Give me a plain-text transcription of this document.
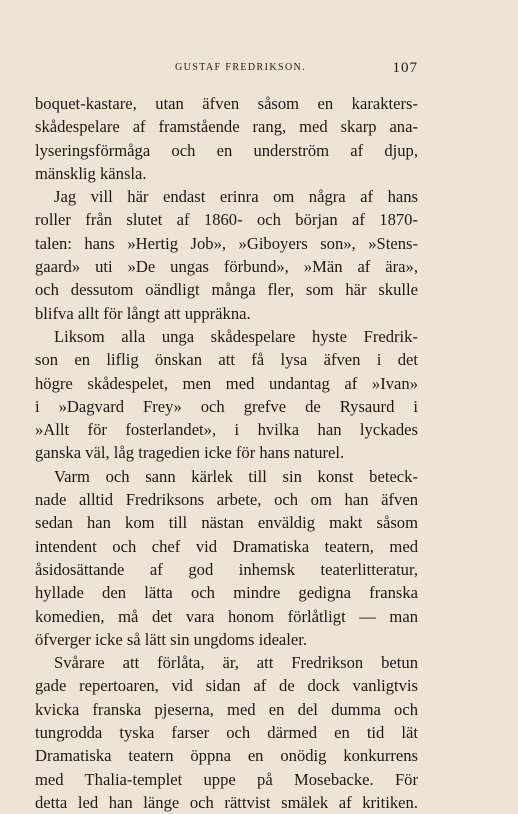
GUSTAF FREDRIKSON.	107
boquet-kastare, utan äfven såsom en karakters-
skådespelare af framstående rang, med skarp ana-
lyseringsförmåga och en underström af djup,
mänsklig känsla.
Jag vill här endast erinra om några af hans
roller från slutet af 1860- och början af 1870-
talen: hans »Hertig Job», »Giboyers son», »Stens-
gaard» uti »De ungas förbund», »Män af ära»,
och dessutom oändligt många fler, som här skulle
blifva allt för långt att uppräkna.
Liksom alla unga skådespelare hyste Fredrik-
son en liflig önskan att få lysa äfven i det
högre skådespelet, men med undantag af »Ivan»
i »Dagvard Frey» och grefve de Rysaurd i
»Allt för fosterlandet», i hvilka han lyckades
ganska väl, låg tragedien icke för hans naturel.
Varm och sann kärlek till sin konst beteck-
nade alltid Fredriksons arbete, och om han äfven
sedan han kom till nästan enväldig makt såsom
intendent och chef vid Dramatiska teatern, med
åsidosättande af god inhemsk teaterlitteratur,
hyllade den lätta och mindre gedigna franska
komedien, må det vara honom förlåtligt — man
öfverger icke så lätt sin ungdoms idealer.
Svårare att förlåta, är, att Fredrikson betun
gade repertoaren, vid sidan af de dock vanligtvis
kvicka franska pjeserna, med en del dumma och
tungrodda tyska farser och därmed en tid lät
Dramatiska teatern öppna en onödig konkurrens
med Thalia-templet uppe på Mosebacke. För
detta led han länge och rättvist smälek af kritiken.
